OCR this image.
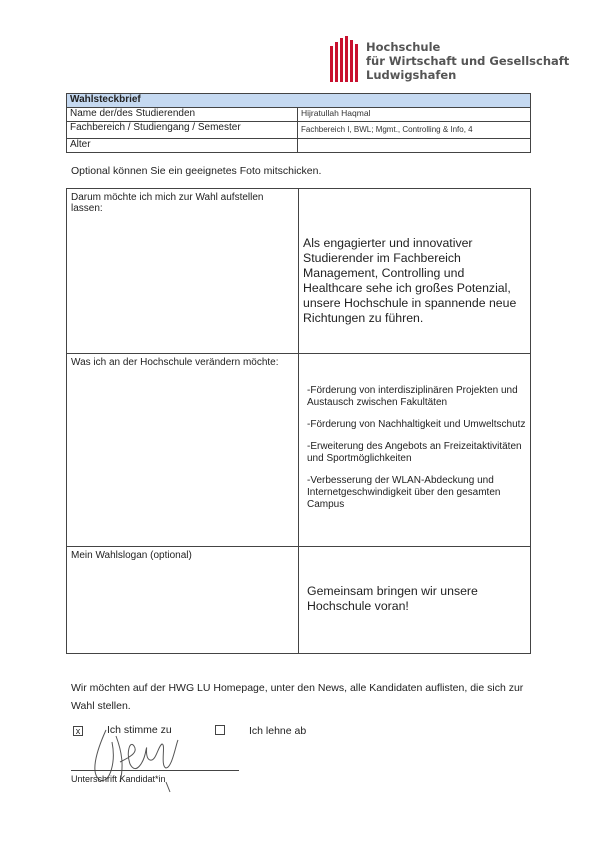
Hochschule
für Wirtschaft und Gesellschaft
Ludwigshafen
Wahlsteckbrief	
Name der/des Studierenden	Hijratullah Haqmal
Fachbereich / Studiengang / Semester	Fachbereich I, BWL; Mgmt., Controlling & Info, 4
Alter	
Optional können Sie ein geeignetes Foto mitschicken.
Darum möchte ich mich zur Wahl aufstellen lassen:	Als engagierter und innovativer Studierender im Fachbereich Management, Controlling und Healthcare sehe ich großes Potenzial, unsere Hochschule in spannende neue Richtungen zu führen.

Was ich an der Hochschule verändern möchte:	-Förderung von interdisziplinären Projekten und Austausch zwischen Fakultäten

-Förderung von Nachhaltigkeit und Umweltschutz

-Erweiterung des Angebots an Freizeitaktivitäten und Sportmöglichkeiten

-Verbesserung der WLAN-Abdeckung und Internetgeschwindigkeit über den gesamten Campus

Mein Wahlslogan (optional)	Gemeinsam bringen wir unsere Hochschule voran!
Wir möchten auf der HWG LU Homepage, unter den News, alle Kandidaten auflisten, die sich zur Wahl stellen.
x	Ich stimme zu	Ich lehne ab
Unterschrift Kandidat*in
